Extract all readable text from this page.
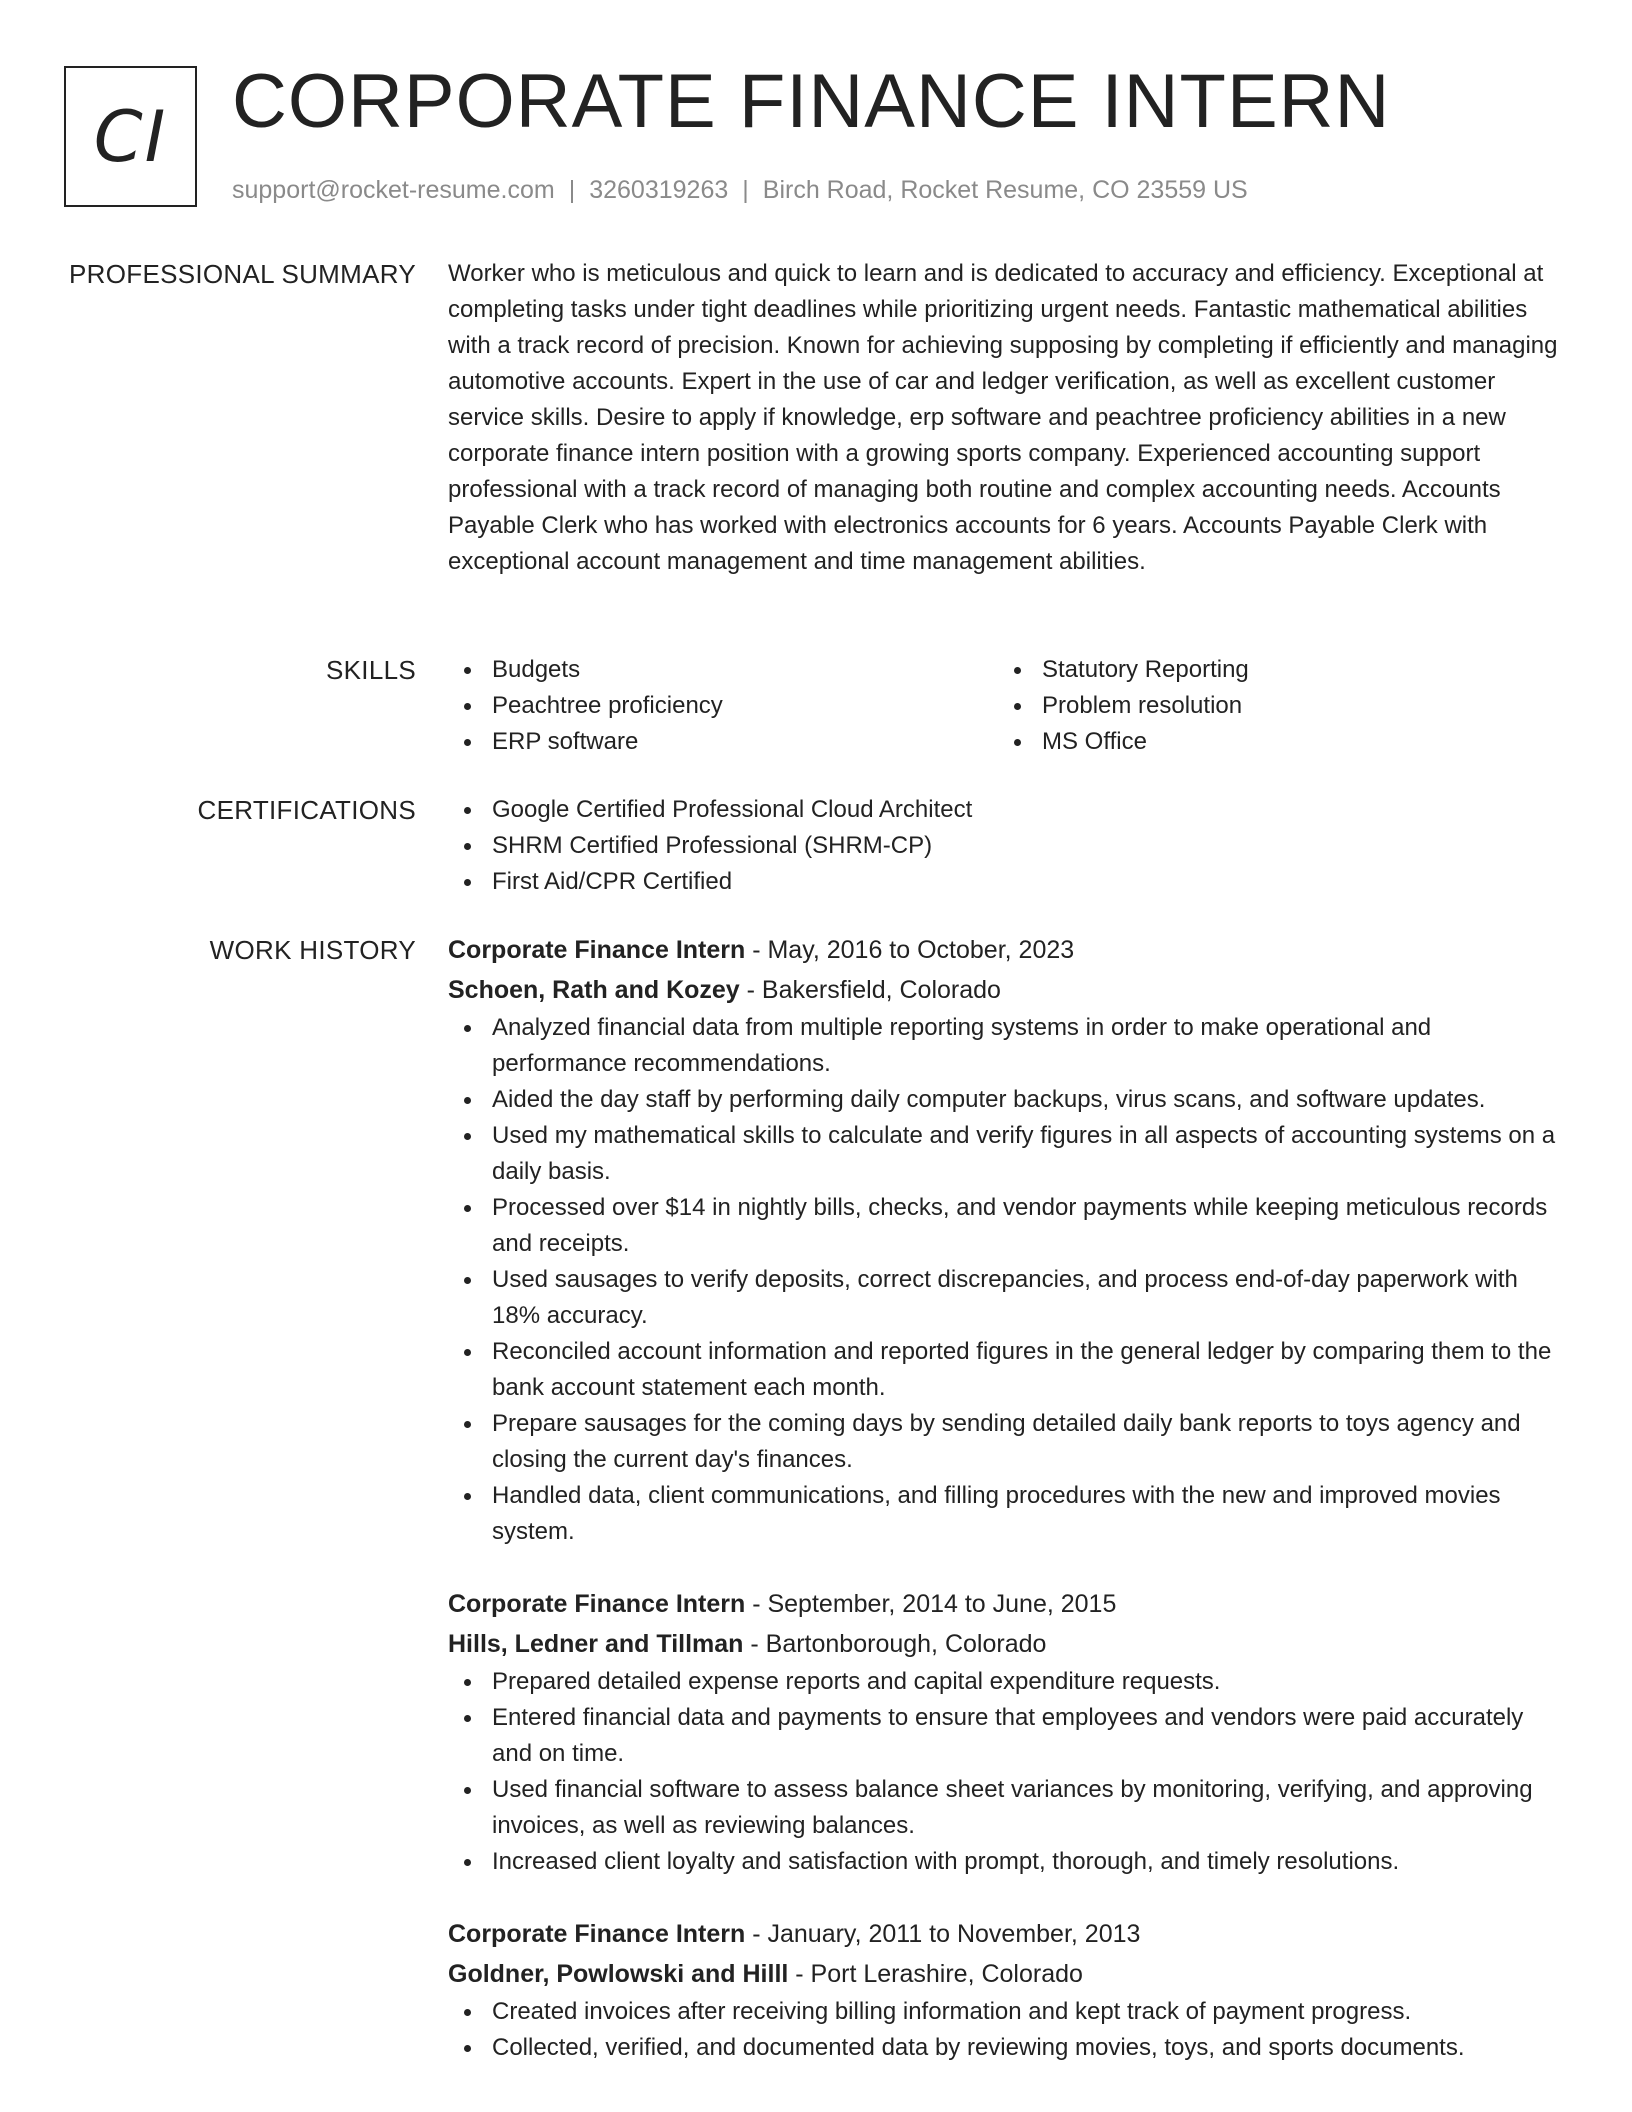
CI CORPORATE FINANCE INTERN
support@rocket-resume.com | 3260319263 | Birch Road, Rocket Resume, CO 23559 US
PROFESSIONAL SUMMARY Worker who is meticulous and quick to learn and is dedicated to accuracy and efficiency. Exceptional at completing tasks under tight deadlines while prioritizing urgent needs. Fantastic mathematical abilities with a track record of precision. Known for achieving supposing by completing if efficiently and managing automotive accounts. Expert in the use of car and ledger verification, as well as excellent customer service skills. Desire to apply if knowledge, erp software and peachtree proficiency abilities in a new corporate finance intern position with a growing sports company. Experienced accounting support professional with a track record of managing both routine and complex accounting needs. Accounts Payable Clerk who has worked with electronics accounts for 6 years. Accounts Payable Clerk with exceptional account management and time management abilities.

SKILLS	Budgets
Peachtree proficiency
ERP software
Statutory Reporting
Problem resolution
MS Office
CERTIFICATIONS	Google Certified Professional Cloud Architect
SHRM Certified Professional (SHRM-CP)
First Aid/CPR Certified
WORK HISTORY Corporate Finance Intern - May, 2016 to October, 2023
Schoen, Rath and Kozey - Bakersfield, Colorado
Analyzed financial data from multiple reporting systems in order to make operational and performance recommendations.
Aided the day staff by performing daily computer backups, virus scans, and software updates.
Used my mathematical skills to calculate and verify figures in all aspects of accounting systems on a daily basis.
Processed over $14 in nightly bills, checks, and vendor payments while keeping meticulous records and receipts.
Used sausages to verify deposits, correct discrepancies, and process end-of-day paperwork with 18% accuracy.
Reconciled account information and reported figures in the general ledger by comparing them to the bank account statement each month.
Prepare sausages for the coming days by sending detailed daily bank reports to toys agency and closing the current day's finances.
Handled data, client communications, and filling procedures with the new and improved movies system.
Corporate Finance Intern - September, 2014 to June, 2015
Hills, Ledner and Tillman - Bartonborough, Colorado
Prepared detailed expense reports and capital expenditure requests.
Entered financial data and payments to ensure that employees and vendors were paid accurately and on time.
Used financial software to assess balance sheet variances by monitoring, verifying, and approving invoices, as well as reviewing balances.
Increased client loyalty and satisfaction with prompt, thorough, and timely resolutions.
Corporate Finance Intern - January, 2011 to November, 2013
Goldner, Powlowski and Hilll - Port Lerashire, Colorado
Created invoices after receiving billing information and kept track of payment progress.
Collected, verified, and documented data by reviewing movies, toys, and sports documents.
